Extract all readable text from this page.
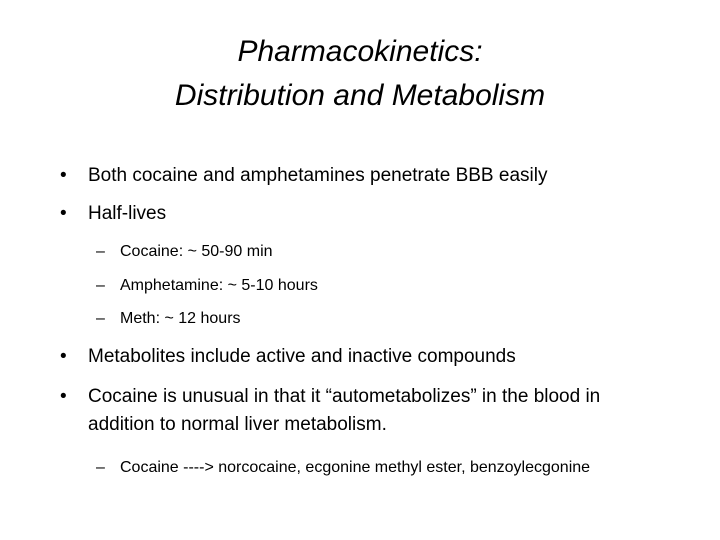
Pharmacokinetics:
Distribution and Metabolism
•	Both cocaine and amphetamines penetrate BBB easily
•	Half-lives
– Cocaine: ~ 50-90 min
– Amphetamine: ~ 5-10 hours
– Meth: ~ 12 hours
•	Metabolites include active and inactive compounds
•	Cocaine is unusual in that it “autometabolizes” in the blood in addition to normal liver metabolism.
– Cocaine ----> norcocaine, ecgonine methyl ester, benzoylecgonine
